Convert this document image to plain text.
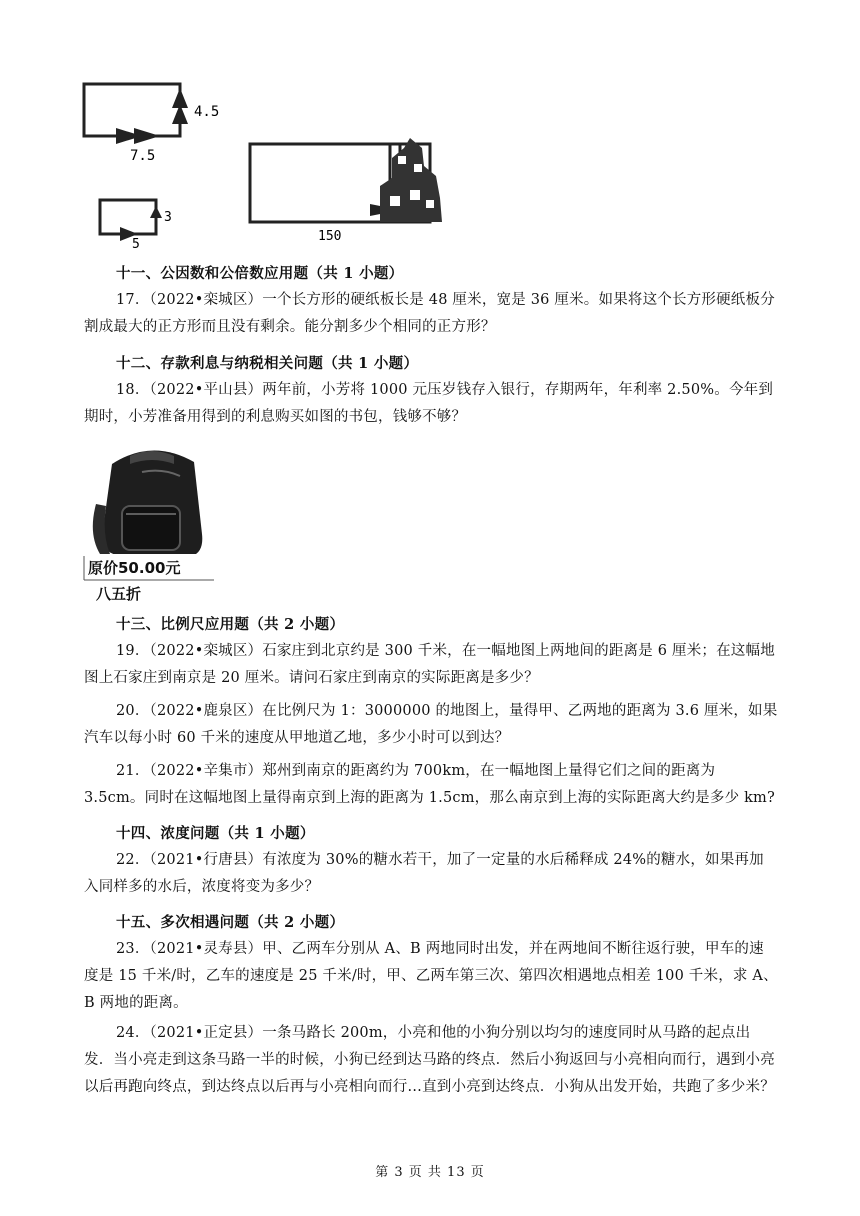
4.5
7.5
3
5
150
十一、公因数和公倍数应用题（共 1 小题）
17．（2022•栾城区）一个长方形的硬纸板长是 48 厘米，宽是 36 厘米。如果将这个长方形硬纸板分割成最大的正方形而且没有剩余。能分割多少个相同的正方形？
十二、存款利息与纳税相关问题（共 1 小题）
18．（2022•平山县）两年前，小芳将 1000 元压岁钱存入银行，存期两年，年利率 2.50%。今年到期时，小芳准备用得到的利息购买如图的书包，钱够不够？
原价50.00元
八五折
十三、比例尺应用题（共 2 小题）
19．（2022•栾城区）石家庄到北京约是 300 千米，在一幅地图上两地间的距离是 6 厘米；在这幅地图上石家庄到南京是 20 厘米。请问石家庄到南京的实际距离是多少？
20．（2022•鹿泉区）在比例尺为 1：3000000 的地图上，量得甲、乙两地的距离为 3.6 厘米，如果汽车以每小时 60 千米的速度从甲地道乙地，多少小时可以到达？
21．（2022•辛集市）郑州到南京的距离约为 700km，在一幅地图上量得它们之间的距离为 3.5cm。同时在这幅地图上量得南京到上海的距离为 1.5cm，那么南京到上海的实际距离大约是多少 km?
十四、浓度问题（共 1 小题）
22．（2021•行唐县）有浓度为 30%的糖水若干，加了一定量的水后稀释成 24%的糖水，如果再加入同样多的水后，浓度将变为多少？
十五、多次相遇问题（共 2 小题）
23．（2021•灵寿县）甲、乙两车分别从 A、B 两地同时出发，并在两地间不断往返行驶，甲车的速度是 15 千米/时，乙车的速度是 25 千米/时，甲、乙两车第三次、第四次相遇地点相差 100 千米，求 A、B 两地的距离。
24．（2021•正定县）一条马路长 200m，小亮和他的小狗分别以均匀的速度同时从马路的起点出发．当小亮走到这条马路一半的时候，小狗已经到达马路的终点．然后小狗返回与小亮相向而行，遇到小亮以后再跑向终点，到达终点以后再与小亮相向而行…直到小亮到达终点．小狗从出发开始，共跑了多少米？
第 3 页 共 13 页
